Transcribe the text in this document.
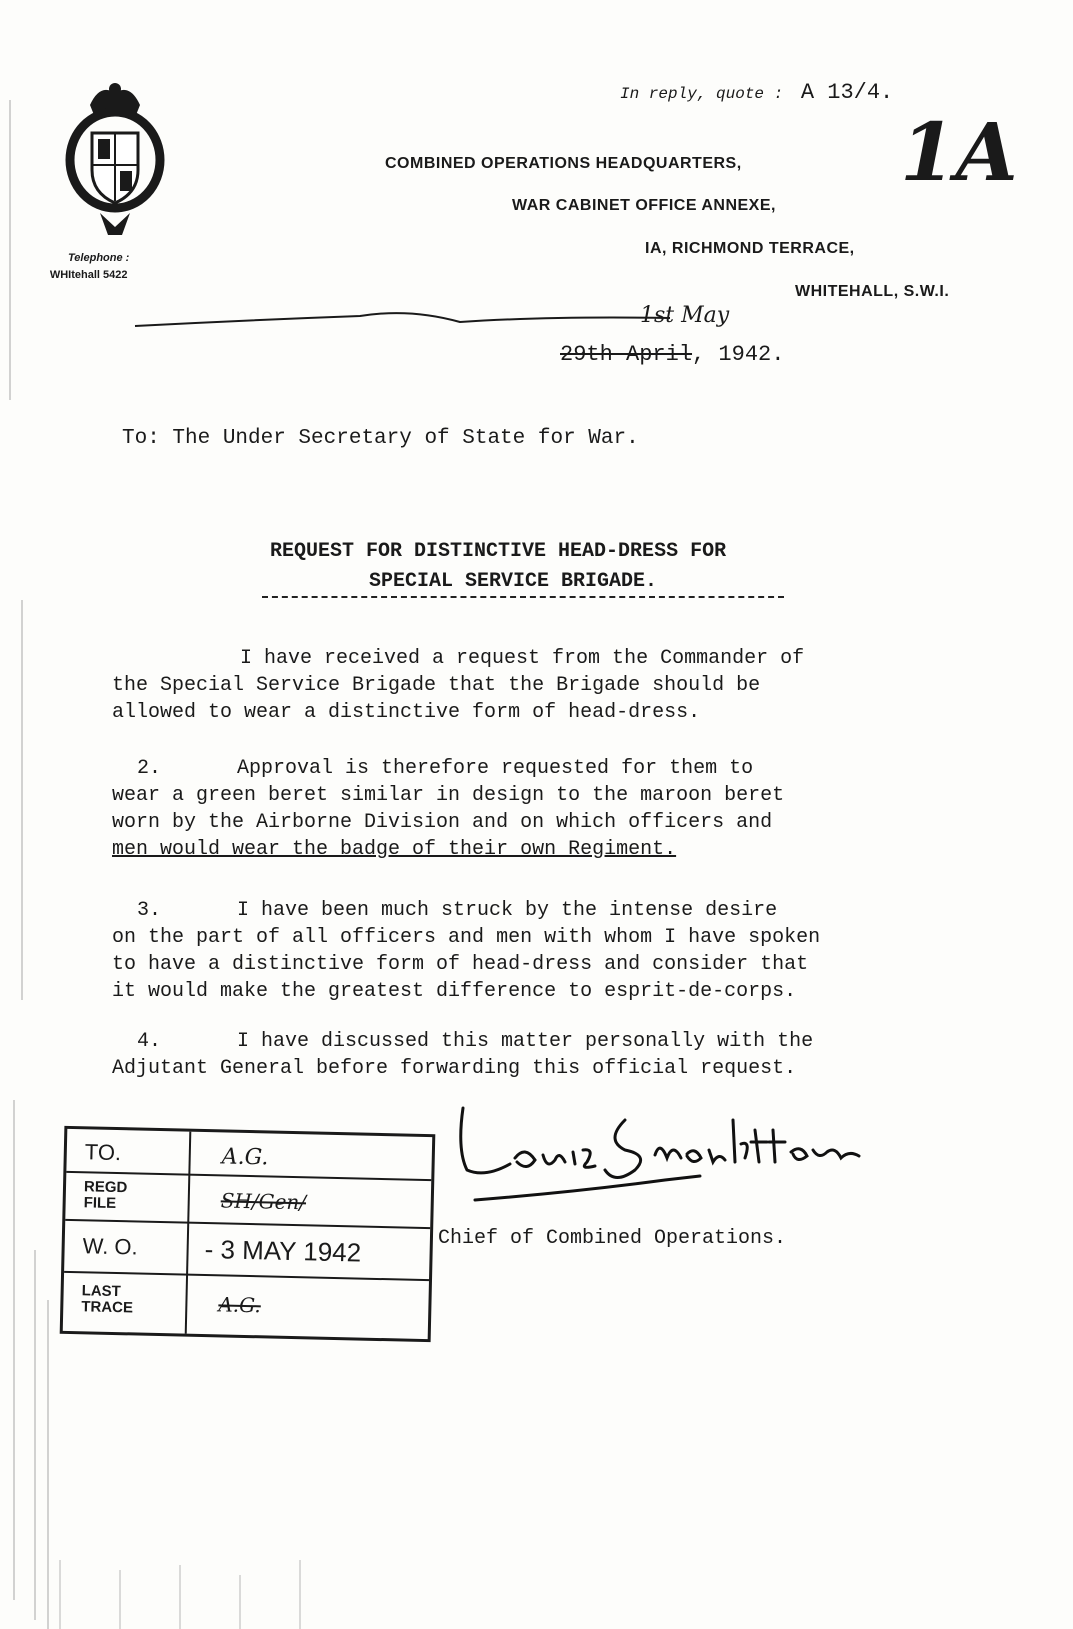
In reply, quote : A 13/4.
1A
COMBINED OPERATIONS HEADQUARTERS,
WAR CABINET OFFICE ANNEXE,
IA, RICHMOND TERRACE,
WHITEHALL, S.W.I.
Telephone :
WHItehall 5422
1st May
29th April, 1942.
To: The Under Secretary of State for War.
REQUEST FOR DISTINCTIVE HEAD-DRESS FOR
SPECIAL SERVICE BRIGADE.
I have received a request from the Commander of
the Special Service Brigade that the Brigade should be
allowed to wear a distinctive form of head-dress.
2.	Approval is therefore requested for them to
wear a green beret similar in design to the maroon beret
worn by the Airborne Division and on which officers and
men would wear the badge of their own Regiment.
3.	I have been much struck by the intense desire
on the part of all officers and men with whom I have spoken
to have a distinctive form of head-dress and consider that
it would make the greatest difference to esprit-de-corps.
4.	I have discussed this matter personally with the
Adjutant General before forwarding this official request.
Chief of Combined Operations.
TO.	A.G.
REGD
FILE	SH/Gen/
W. O.	- 3 MAY 1942
LAST
TRACE	A.G.
